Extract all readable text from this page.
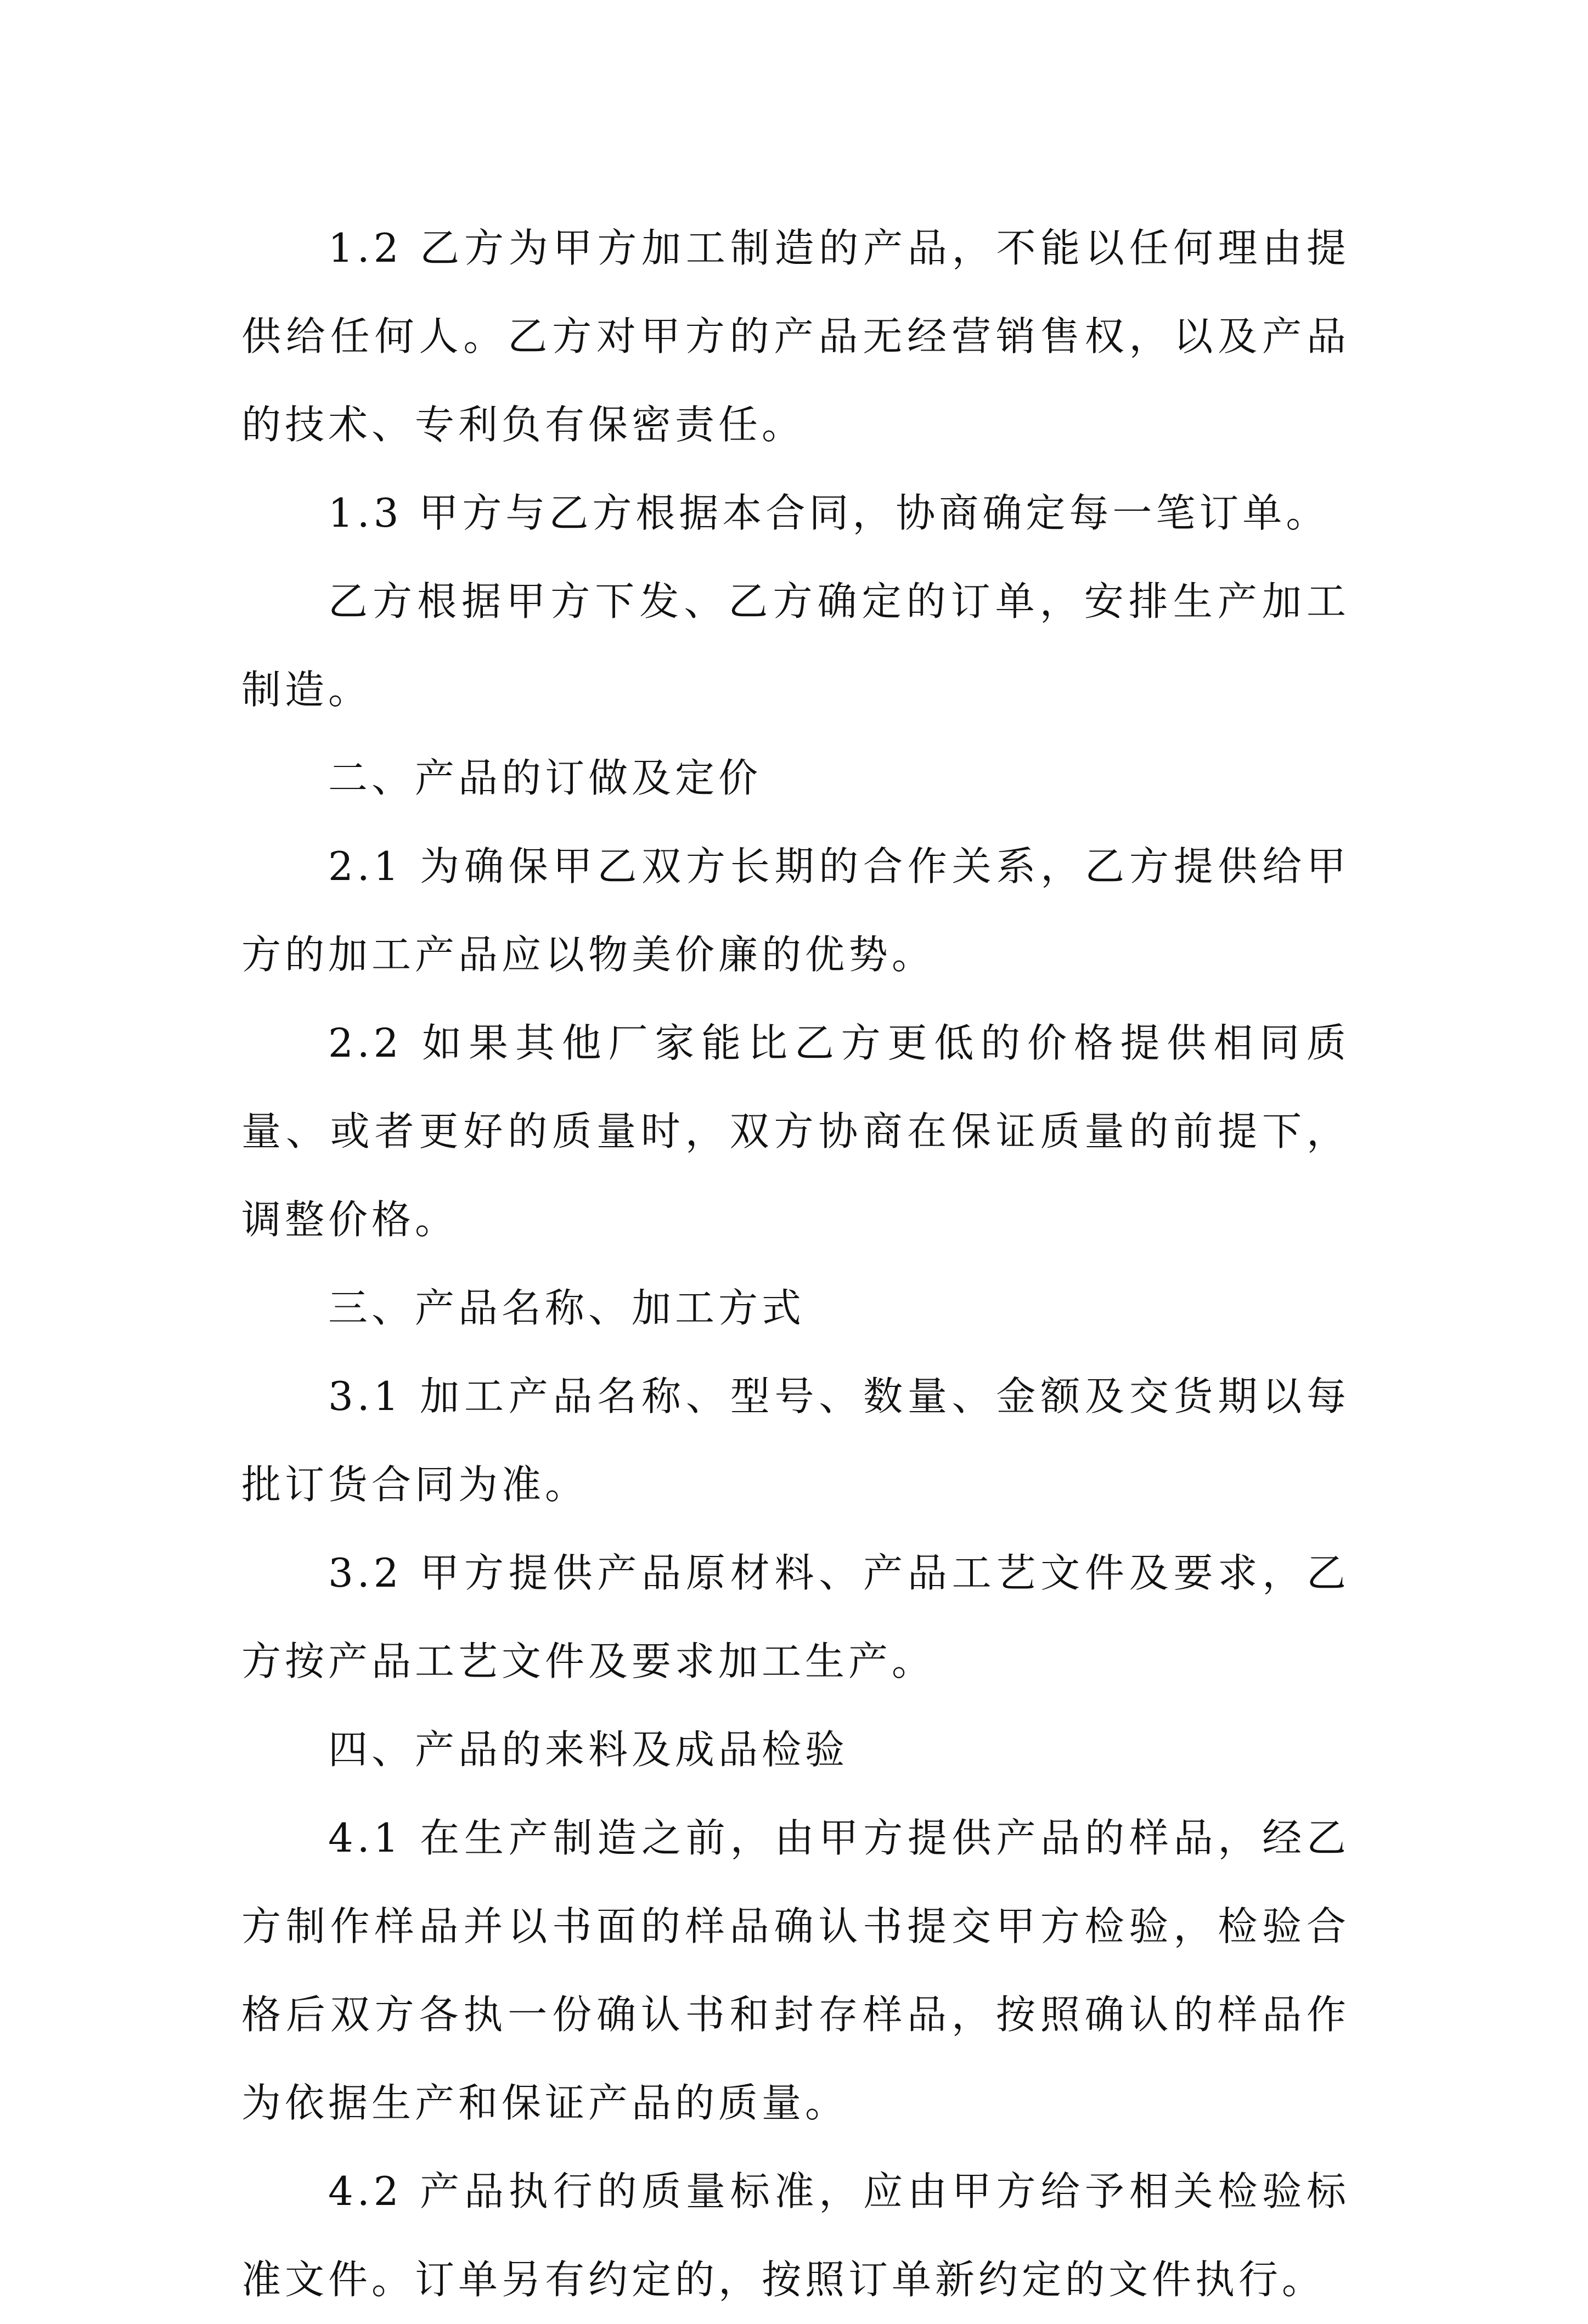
1.2 乙方为甲方加工制造的产品，不能以任何理由提供给任何人。乙方对甲方的产品无经营销售权，以及产品的技术、专利负有保密责任。

1.3 甲方与乙方根据本合同，协商确定每一笔订单。

乙方根据甲方下发、乙方确定的订单，安排生产加工制造。

二、产品的订做及定价

2.1 为确保甲乙双方长期的合作关系，乙方提供给甲方的加工产品应以物美价廉的优势。

2.2 如果其他厂家能比乙方更低的价格提供相同质量、或者更好的质量时，双方协商在保证质量的前提下，调整价格。

三、产品名称、加工方式

3.1 加工产品名称、型号、数量、金额及交货期以每批订货合同为准。

3.2 甲方提供产品原材料、产品工艺文件及要求，乙方按产品工艺文件及要求加工生产。

四、产品的来料及成品检验

4.1 在生产制造之前，由甲方提供产品的样品，经乙方制作样品并以书面的样品确认书提交甲方检验，检验合格后双方各执一份确认书和封存样品，按照确认的样品作为依据生产和保证产品的质量。

4.2 产品执行的质量标准，应由甲方给予相关检验标准文件。订单另有约定的，按照订单新约定的文件执行。
